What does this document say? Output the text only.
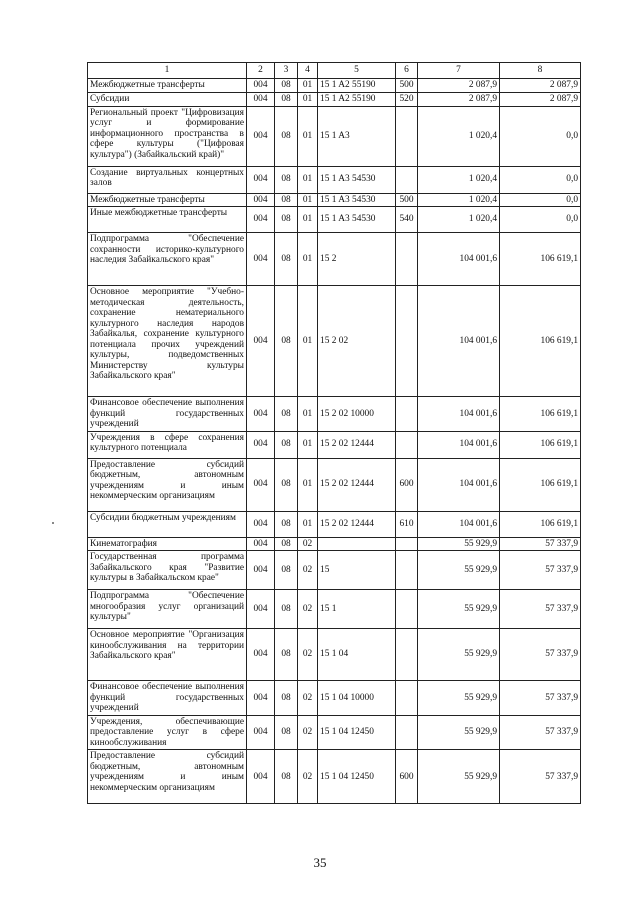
1	2	3	4	5	6	7	8
Межбюджетные трансферты	004	08	01	15 1 A2 55190	500	2 087,9	2 087,9
Субсидии	004	08	01	15 1 A2 55190	520	2 087,9	2 087,9
Региональный проект "Цифровизация услуг и формирование информационного пространства в сфере культуры ("Цифровая культура") (Забайкальский край)"	004	08	01	15 1 A3		1 020,4	0,0
Создание виртуальных концертных залов	004	08	01	15 1 A3 54530		1 020,4	0,0
Межбюджетные трансферты	004	08	01	15 1 A3 54530	500	1 020,4	0,0
Иные межбюджетные трансферты	004	08	01	15 1 A3 54530	540	1 020,4	0,0
Подпрограмма "Обеспечение сохранности историко-культурного наследия Забайкальского края"	004	08	01	15 2		104 001,6	106 619,1
Основное мероприятие "Учебно-методическая деятельность, сохранение нематериального культурного наследия народов Забайкалья, сохранение культурного потенциала прочих учреждений культуры, подведомственных Министерству культуры Забайкальского края"	004	08	01	15 2 02		104 001,6	106 619,1
Финансовое обеспечение выполнения функций государственных учреждений	004	08	01	15 2 02 10000		104 001,6	106 619,1
Учреждения в сфере сохранения культурного потенциала	004	08	01	15 2 02 12444		104 001,6	106 619,1
Предоставление субсидий бюджетным, автономным учреждениям и иным некоммерческим организациям	004	08	01	15 2 02 12444	600	104 001,6	106 619,1
Субсидии бюджетным учреждениям	004	08	01	15 2 02 12444	610	104 001,6	106 619,1
Кинематография	004	08	02			55 929,9	57 337,9
Государственная программа Забайкальского края "Развитие культуры в Забайкальском крае"	004	08	02	15		55 929,9	57 337,9
Подпрограмма "Обеспечение многообразия услуг организаций культуры"	004	08	02	15 1		55 929,9	57 337,9
Основное мероприятие "Организация кинообслуживания на территории Забайкальского края"	004	08	02	15 1 04		55 929,9	57 337,9
Финансовое обеспечение выполнения функций государственных учреждений	004	08	02	15 1 04 10000		55 929,9	57 337,9
Учреждения, обеспечивающие предоставление услуг в сфере кинообслуживания	004	08	02	15 1 04 12450		55 929,9	57 337,9
Предоставление субсидий бюджетным, автономным учреждениям и иным некоммерческим организациям	004	08	02	15 1 04 12450	600	55 929,9	57 337,9
35
